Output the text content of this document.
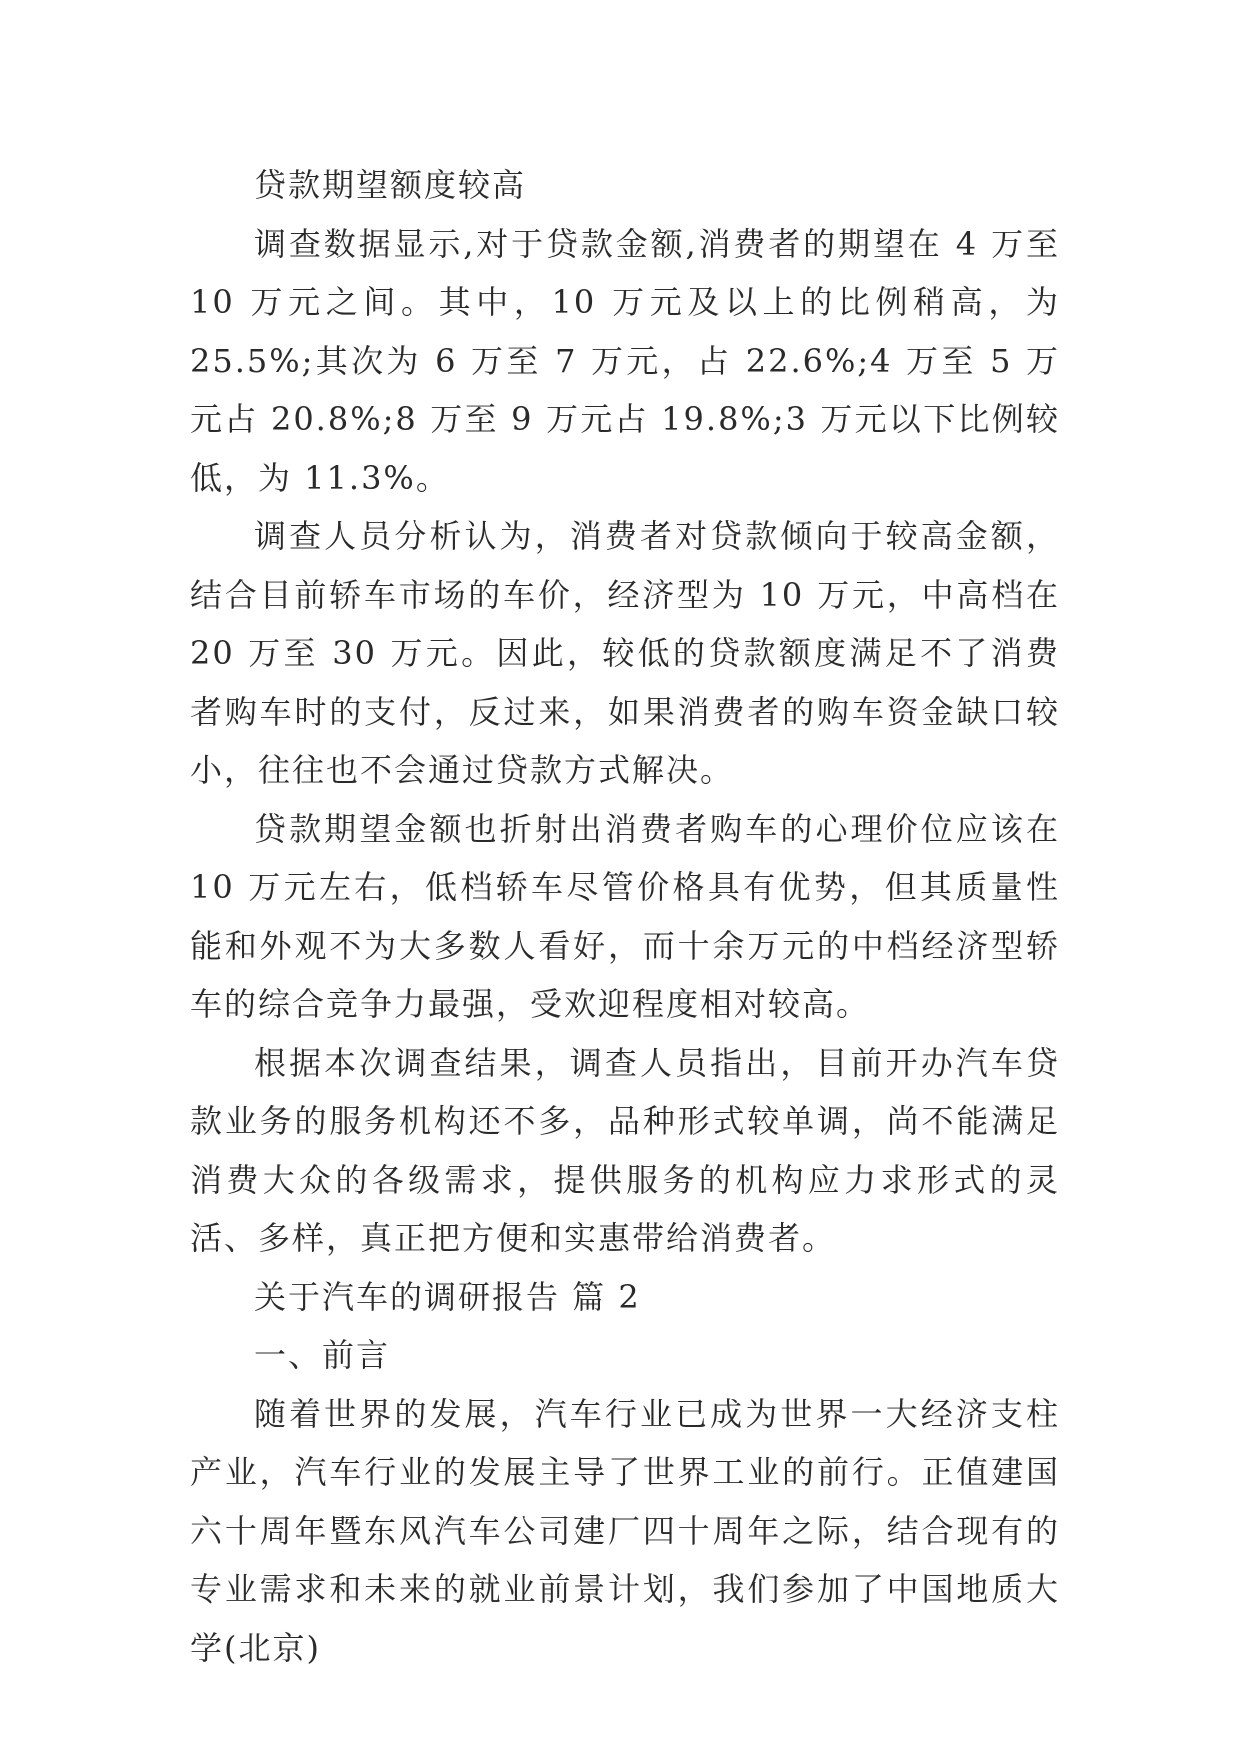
贷款期望额度较高

调查数据显示,对于贷款金额,消费者的期望在 4 万至 10 万元之间。其中，10 万元及以上的比例稍高，为 25.5%;其次为 6 万至 7 万元，占 22.6%;4 万至 5 万元占 20.8%;8 万至 9 万元占 19.8%;3 万元以下比例较低，为 11.3%。

调查人员分析认为，消费者对贷款倾向于较高金额，结合目前轿车市场的车价，经济型为 10 万元，中高档在 20 万至 30 万元。因此，较低的贷款额度满足不了消费者购车时的支付，反过来，如果消费者的购车资金缺口较小，往往也不会通过贷款方式解决。

贷款期望金额也折射出消费者购车的心理价位应该在 10 万元左右，低档轿车尽管价格具有优势，但其质量性能和外观不为大多数人看好，而十余万元的中档经济型轿车的综合竞争力最强，受欢迎程度相对较高。

根据本次调查结果，调查人员指出，目前开办汽车贷款业务的服务机构还不多，品种形式较单调，尚不能满足消费大众的各级需求，提供服务的机构应力求形式的灵活、多样，真正把方便和实惠带给消费者。

关于汽车的调研报告 篇 2

一、前言

随着世界的发展，汽车行业已成为世界一大经济支柱产业，汽车行业的发展主导了世界工业的前行。正值建国六十周年暨东风汽车公司建厂四十周年之际，结合现有的专业需求和未来的就业前景计划，我们参加了中国地质大学(北京)
